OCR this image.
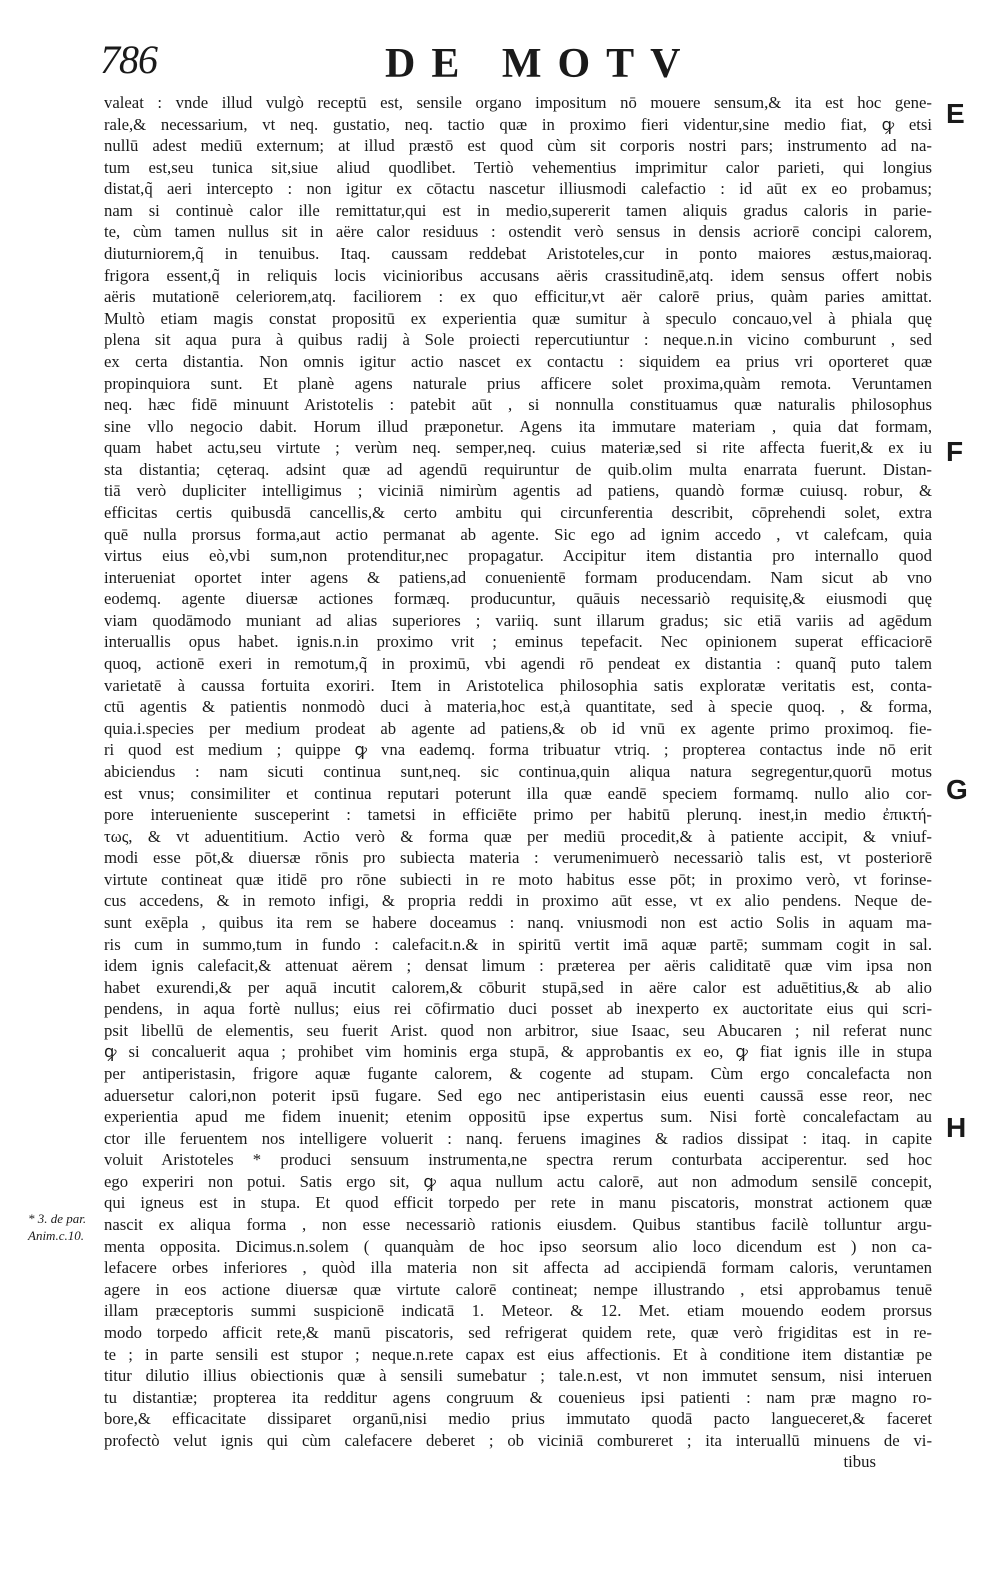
786	DE MOTV
E
F
G
H
* 3. de par.
Anim.c.10.
valeat : vnde illud vulgò receptū est, sensile organo impositum nō mouere sensum,& ita est hoc gene-
rale,& necessarium, vt neq. gustatio, neq. tactio quæ in proximo fieri videntur,sine medio fiat, ꝙ etsi
nullū adest mediū externum; at illud præstō est quod cùm sit corporis nostri pars; instrumento ad na-
tum est,seu tunica sit,siue aliud quodlibet. Tertiò vehementius imprimitur calor parieti, qui longius
distat,q̃ aeri intercepto : non igitur ex cōtactu nascetur illiusmodi calefactio : id aūt ex eo probamus;
nam si continuè calor ille remittatur,qui est in medio,supererit tamen aliquis gradus caloris in parie-
te, cùm tamen nullus sit in aëre calor residuus : ostendit verò sensus in densis acriorē concipi calorem,
diuturniorem,q̃ in tenuibus. Itaq. caussam reddebat Aristoteles,cur in ponto maiores æstus,maioraq.
frigora essent,q̃ in reliquis locis vicinioribus accusans aëris crassitudinē,atq. idem sensus offert nobis
aëris mutationē celeriorem,atq. faciliorem : ex quo efficitur,vt aër calorē prius, quàm paries amittat.
Multò etiam magis constat propositū ex experientia quæ sumitur à speculo concauo,vel à phiala quę
plena sit aqua pura à quibus radij à Sole proiecti repercutiuntur : neque.n.in vicino comburunt , sed
ex certa distantia. Non omnis igitur actio nascet ex contactu : siquidem ea prius vri oporteret quæ
propinquiora sunt. Et planè agens naturale prius afficere solet proxima,quàm remota. Veruntamen
neq. hæc fidē minuunt Aristotelis : patebit aūt , si nonnulla constituamus quæ naturalis philosophus
sine vllo negocio dabit. Horum illud præponetur. Agens ita immutare materiam , quia dat formam,
quam habet actu,seu virtute ; verùm neq. semper,neq. cuius materiæ,sed si rite affecta fuerit,& ex iu
sta distantia; cęteraq. adsint quæ ad agendū requiruntur de quib.olim multa enarrata fuerunt. Distan-
tiā verò dupliciter intelligimus ; viciniā nimirùm agentis ad patiens, quandò formæ cuiusq. robur, &
efficitas certis quibusdā cancellis,& certo ambitu qui circunferentia describit, cōprehendi solet, extra
quē nulla prorsus forma,aut actio permanat ab agente. Sic ego ad ignim accedo , vt calefcam, quia
virtus eius eò,vbi sum,non protenditur,nec propagatur. Accipitur item distantia pro internallo quod
interueniat oportet inter agens & patiens,ad conuenientē formam producendam. Nam sicut ab vno
eodemq. agente diuersæ actiones formæq. producuntur, quāuis necessariò requisitę,& eiusmodi quę
viam quodāmodo muniant ad alias superiores ; variiq. sunt illarum gradus; sic etiā variis ad agēdum
interuallis opus habet. ignis.n.in proximo vrit ; eminus tepefacit. Nec opinionem superat efficaciorē
quoq, actionē exeri in remotum,q̃ in proximū, vbi agendi rō pendeat ex distantia : quanq̃ puto talem
varietatē à caussa fortuita exoriri. Item in Aristotelica philosophia satis exploratæ veritatis est, conta-
ctū agentis & patientis nonmodò duci à materia,hoc est,à quantitate, sed à specie quoq. , & forma,
quia.i.species per medium prodeat ab agente ad patiens,& ob id vnū ex agente primo proximoq. fie-
ri quod est medium ; quippe ꝙ vna eademq. forma tribuatur vtriq. ; propterea contactus inde nō erit
abiciendus : nam sicuti continua sunt,neq. sic continua,quin aliqua natura segregentur,quorū motus
est vnus; consimiliter et continua reputari poterunt illa quæ eandē speciem formamq. nullo alio cor-
pore interueniente susceperint : tametsi in efficiēte primo per habitū plerunq. inest,in medio ἐπικτή-
τως, & vt aduentitium. Actio verò & forma quæ per mediū procedit,& à patiente accipit, & vniuf-
modi esse pōt,& diuersæ rōnis pro subiecta materia : verumenimuerò necessariò talis est, vt posteriorē
virtute contineat quæ itidē pro rōne subiecti in re moto habitus esse pōt; in proximo verò, vt forinse-
cus accedens, & in remoto infigi, & propria reddi in proximo aūt esse, vt ex alio pendens. Neque de-
sunt exēpla , quibus ita rem se habere doceamus : nanq. vniusmodi non est actio Solis in aquam ma-
ris cum in summo,tum in fundo : calefacit.n.& in spiritū vertit imā aquæ partē; summam cogit in sal.
idem ignis calefacit,& attenuat aërem ; densat limum : præterea per aëris caliditatē quæ vim ipsa non
habet exurendi,& per aquā incutit calorem,& cōburit stupā,sed in aëre calor est aduētitius,& ab alio
pendens, in aqua fortè nullus; eius rei cōfirmatio duci posset ab inexperto ex auctoritate eius qui scri-
psit libellū de elementis, seu fuerit Arist. quod non arbitror, siue Isaac, seu Abucaren ; nil referat nunc
ꝙ si concaluerit aqua ; prohibet vim hominis erga stupā, & approbantis ex eo, ꝙ fiat ignis ille in stupa
per antiperistasin, frigore aquæ fugante calorem, & cogente ad stupam. Cùm ergo concalefacta non
aduersetur calori,non poterit ipsū fugare. Sed ego nec antiperistasin eius euenti caussā esse reor, nec
experientia apud me fidem inuenit; etenim oppositū ipse expertus sum. Nisi fortè concalefactam au
ctor ille feruentem nos intelligere voluerit : nanq. feruens imagines & radios dissipat : itaq. in capite
voluit Aristoteles * produci sensuum instrumenta,ne spectra rerum conturbata acciperentur. sed hoc
ego experiri non potui. Satis ergo sit, ꝙ aqua nullum actu calorē, aut non admodum sensilē concepit,
qui igneus est in stupa. Et quod efficit torpedo per rete in manu piscatoris, monstrat actionem quæ
nascit ex aliqua forma , non esse necessariò rationis eiusdem. Quibus stantibus facilè tolluntur argu-
menta opposita. Dicimus.n.solem ( quanquàm de hoc ipso seorsum alio loco dicendum est ) non ca-
lefacere orbes inferiores , quòd illa materia non sit affecta ad accipiendā formam caloris, veruntamen
agere in eos actione diuersæ quæ virtute calorē contineat; nempe illustrando , etsi approbamus tenuē
illam præceptoris summi suspicionē indicatā 1. Meteor. & 12. Met. etiam mouendo eodem prorsus
modo torpedo afficit rete,& manū piscatoris, sed refrigerat quidem rete, quæ verò frigiditas est in re-
te ; in parte sensili est stupor ; neque.n.rete capax est eius affectionis. Et à conditione item distantiæ pe
titur dilutio illius obiectionis quæ à sensili sumebatur ; tale.n.est, vt non immutet sensum, nisi interuen
tu distantiæ; propterea ita redditur agens congruum & couenieus ipsi patienti : nam præ magno ro-
bore,& efficacitate dissiparet organū,nisi medio prius immutato quodā pacto langueceret,& faceret
profectò velut ignis qui cùm calefacere deberet ; ob viciniā combureret ; ita interuallū minuens de vi-
tibus
